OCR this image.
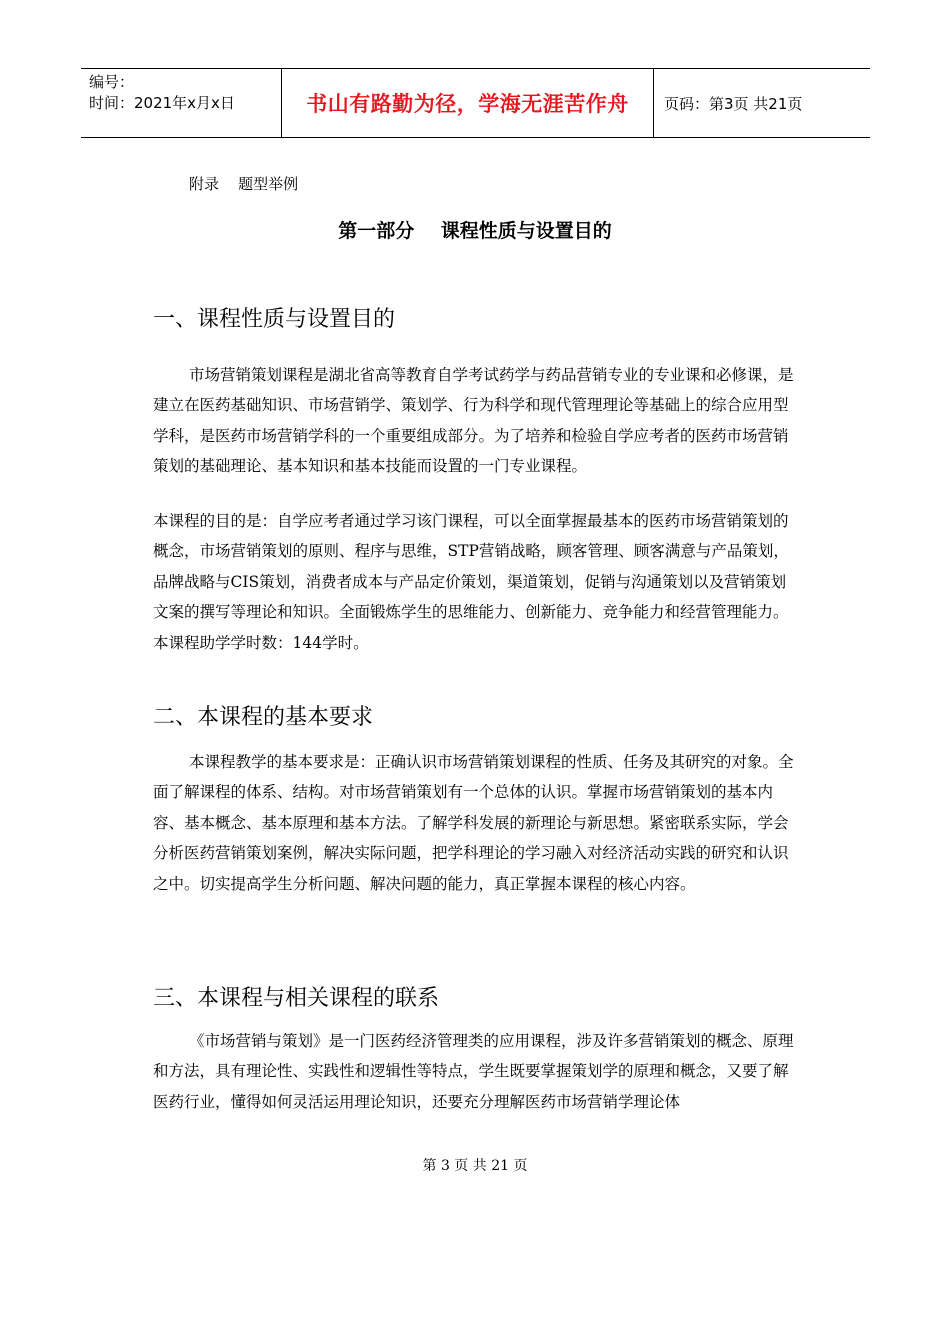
编号：
时间：2021年x月x日	书山有路勤为径，学海无涯苦作舟	页码：第3页 共21页
附录    题型举例
第一部分    课程性质与设置目的
一、课程性质与设置目的

市场营销策划课程是湖北省高等教育自学考试药学与药品营销专业的专业课和必修课，是建立在医药基础知识、市场营销学、策划学、行为科学和现代管理理论等基础上的综合应用型学科，是医药市场营销学科的一个重要组成部分。为了培养和检验自学应考者的医药市场营销策划的基础理论、基本知识和基本技能而设置的一门专业课程。

本课程的目的是：自学应考者通过学习该门课程，可以全面掌握最基本的医药市场营销策划的概念，市场营销策划的原则、程序与思维，STP营销战略，顾客管理、顾客满意与产品策划，品牌战略与CIS策划，消费者成本与产品定价策划，渠道策划，促销与沟通策划以及营销策划文案的撰写等理论和知识。全面锻炼学生的思维能力、创新能力、竞争能力和经营管理能力。本课程助学学时数：144学时。

二、本课程的基本要求

本课程教学的基本要求是：正确认识市场营销策划课程的性质、任务及其研究的对象。全面了解课程的体系、结构。对市场营销策划有一个总体的认识。掌握市场营销策划的基本内容、基本概念、基本原理和基本方法。了解学科发展的新理论与新思想。紧密联系实际，学会分析医药营销策划案例，解决实际问题，把学科理论的学习融入对经济活动实践的研究和认识之中。切实提高学生分析问题、解决问题的能力，真正掌握本课程的核心内容。

三、本课程与相关课程的联系

《市场营销与策划》是一门医药经济管理类的应用课程，涉及许多营销策划的概念、原理和方法，具有理论性、实践性和逻辑性等特点，学生既要掌握策划学的原理和概念，又要了解医药行业，懂得如何灵活运用理论知识，还要充分理解医药市场营销学理论体

第 3 页 共 21 页
